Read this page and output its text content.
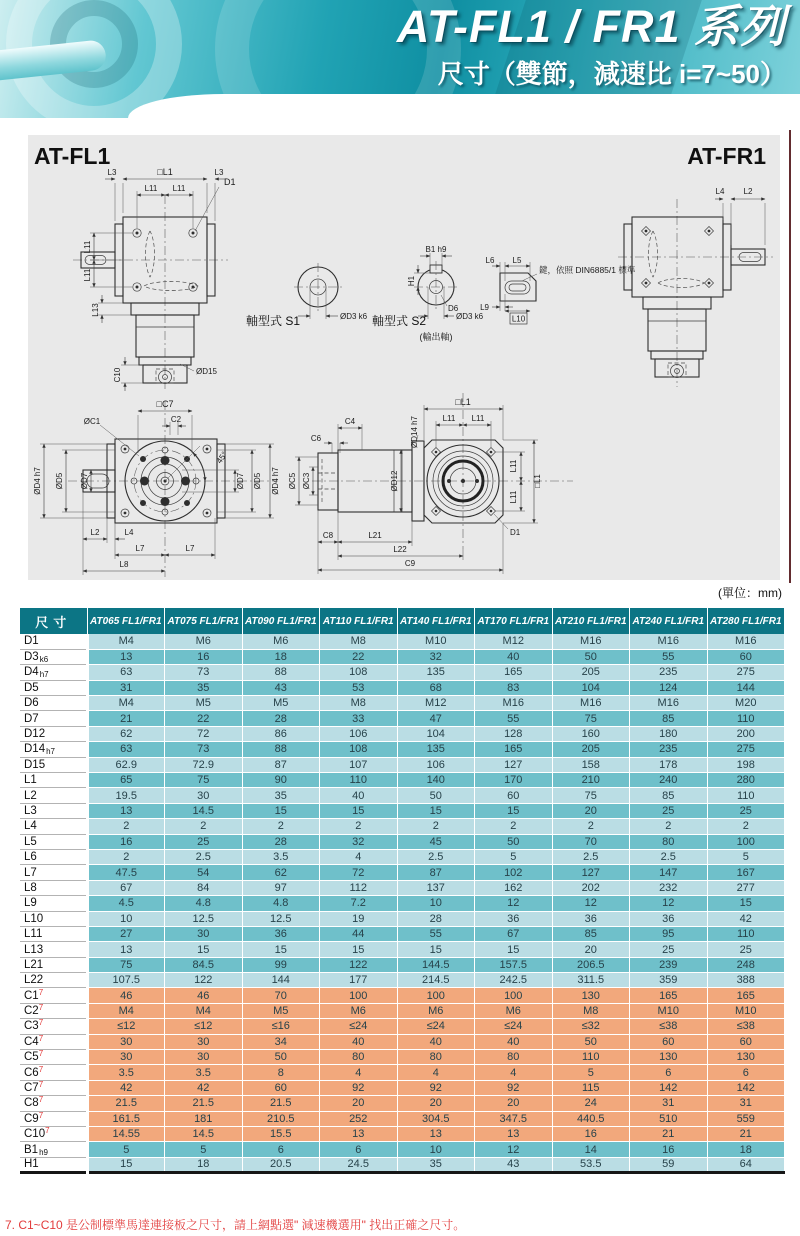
AT-FL1 / FR1 系列
尺寸（雙節，減速比 i=7~50）
AT-FL1	AT-FR1
L3	□L1	L3
L11 L11
D1
L11
L11
L13
C10	ØD15
軸型式 S1	ØD3 k6
B1 h9
H1
D6
ØD3 k6
軸型式 S2
(輸出軸)
L6 L5
L9
L10
鍵，依照 DIN6885/1 標準
L4 L2
□C7
ØC1	C2
45°
ØD4 h7 ØD5 ØD7	ØD7 ØD5 ØD4 h7
L2	L4
L7	L7
L8
□L1
L11 L11
ØD14 h7
C4
C6
ØC3
ØC5	ØD12
L11
L11
□L1
D1
C8	L21
L22
C9
(單位：mm)
尺寸	AT065 FL1/FR1	AT075 FL1/FR1	AT090 FL1/FR1	AT110 FL1/FR1	AT140 FL1/FR1	AT170 FL1/FR1	AT210 FL1/FR1	AT240 FL1/FR1	AT280 FL1/FR1
D1	M4	M6	M6	M8	M10	M12	M16	M16	M16
D3k6	13	16	18	22	32	40	50	55	60
D4h7	63	73	88	108	135	165	205	235	275
D5	31	35	43	53	68	83	104	124	144
D6	M4	M5	M5	M8	M12	M16	M16	M16	M20
D7	21	22	28	33	47	55	75	85	110
D12	62	72	86	106	104	128	160	180	200
D14h7	63	73	88	108	135	165	205	235	275
D15	62.9	72.9	87	107	106	127	158	178	198
L1	65	75	90	110	140	170	210	240	280
L2	19.5	30	35	40	50	60	75	85	110
L3	13	14.5	15	15	15	15	20	25	25
L4	2	2	2	2	2	2	2	2	2
L5	16	25	28	32	45	50	70	80	100
L6	2	2.5	3.5	4	2.5	5	2.5	2.5	5
L7	47.5	54	62	72	87	102	127	147	167
L8	67	84	97	112	137	162	202	232	277
L9	4.5	4.8	4.8	7.2	10	12	12	12	15
L10	10	12.5	12.5	19	28	36	36	36	42
L11	27	30	36	44	55	67	85	95	110
L13	13	15	15	15	15	15	20	25	25
L21	75	84.5	99	122	144.5	157.5	206.5	239	248
L22	107.5	122	144	177	214.5	242.5	311.5	359	388
$C1^7$	46	46	70	100	100	100	130	165	165
$C2^7$	M4	M4	M5	M6	M6	M6	M8	M10	M10
$C3^7$	≤12	≤12	≤16	≤24	≤24	≤24	≤32	≤38	≤38
$C4^7$	30	30	34	40	40	40	50	60	60
$C5^7$	30	30	50	80	80	80	110	130	130
$C6^7$	3.5	3.5	8	4	4	4	5	6	6
$C7^7$	42	42	60	92	92	92	115	142	142
$C8^7$	21.5	21.5	21.5	20	20	20	24	31	31
$C9^7$	161.5	181	210.5	252	304.5	347.5	440.5	510	559
$C10^7$	14.55	14.5	15.5	13	13	13	16	21	21
B1h9	5	5	6	6	10	12	14	16	18
H1	15	18	20.5	24.5	35	43	53.5	59	64
7. C1~C10 是公制標準馬達連接板之尺寸，請上網點選" 減速機選用" 找出正確之尺寸。
